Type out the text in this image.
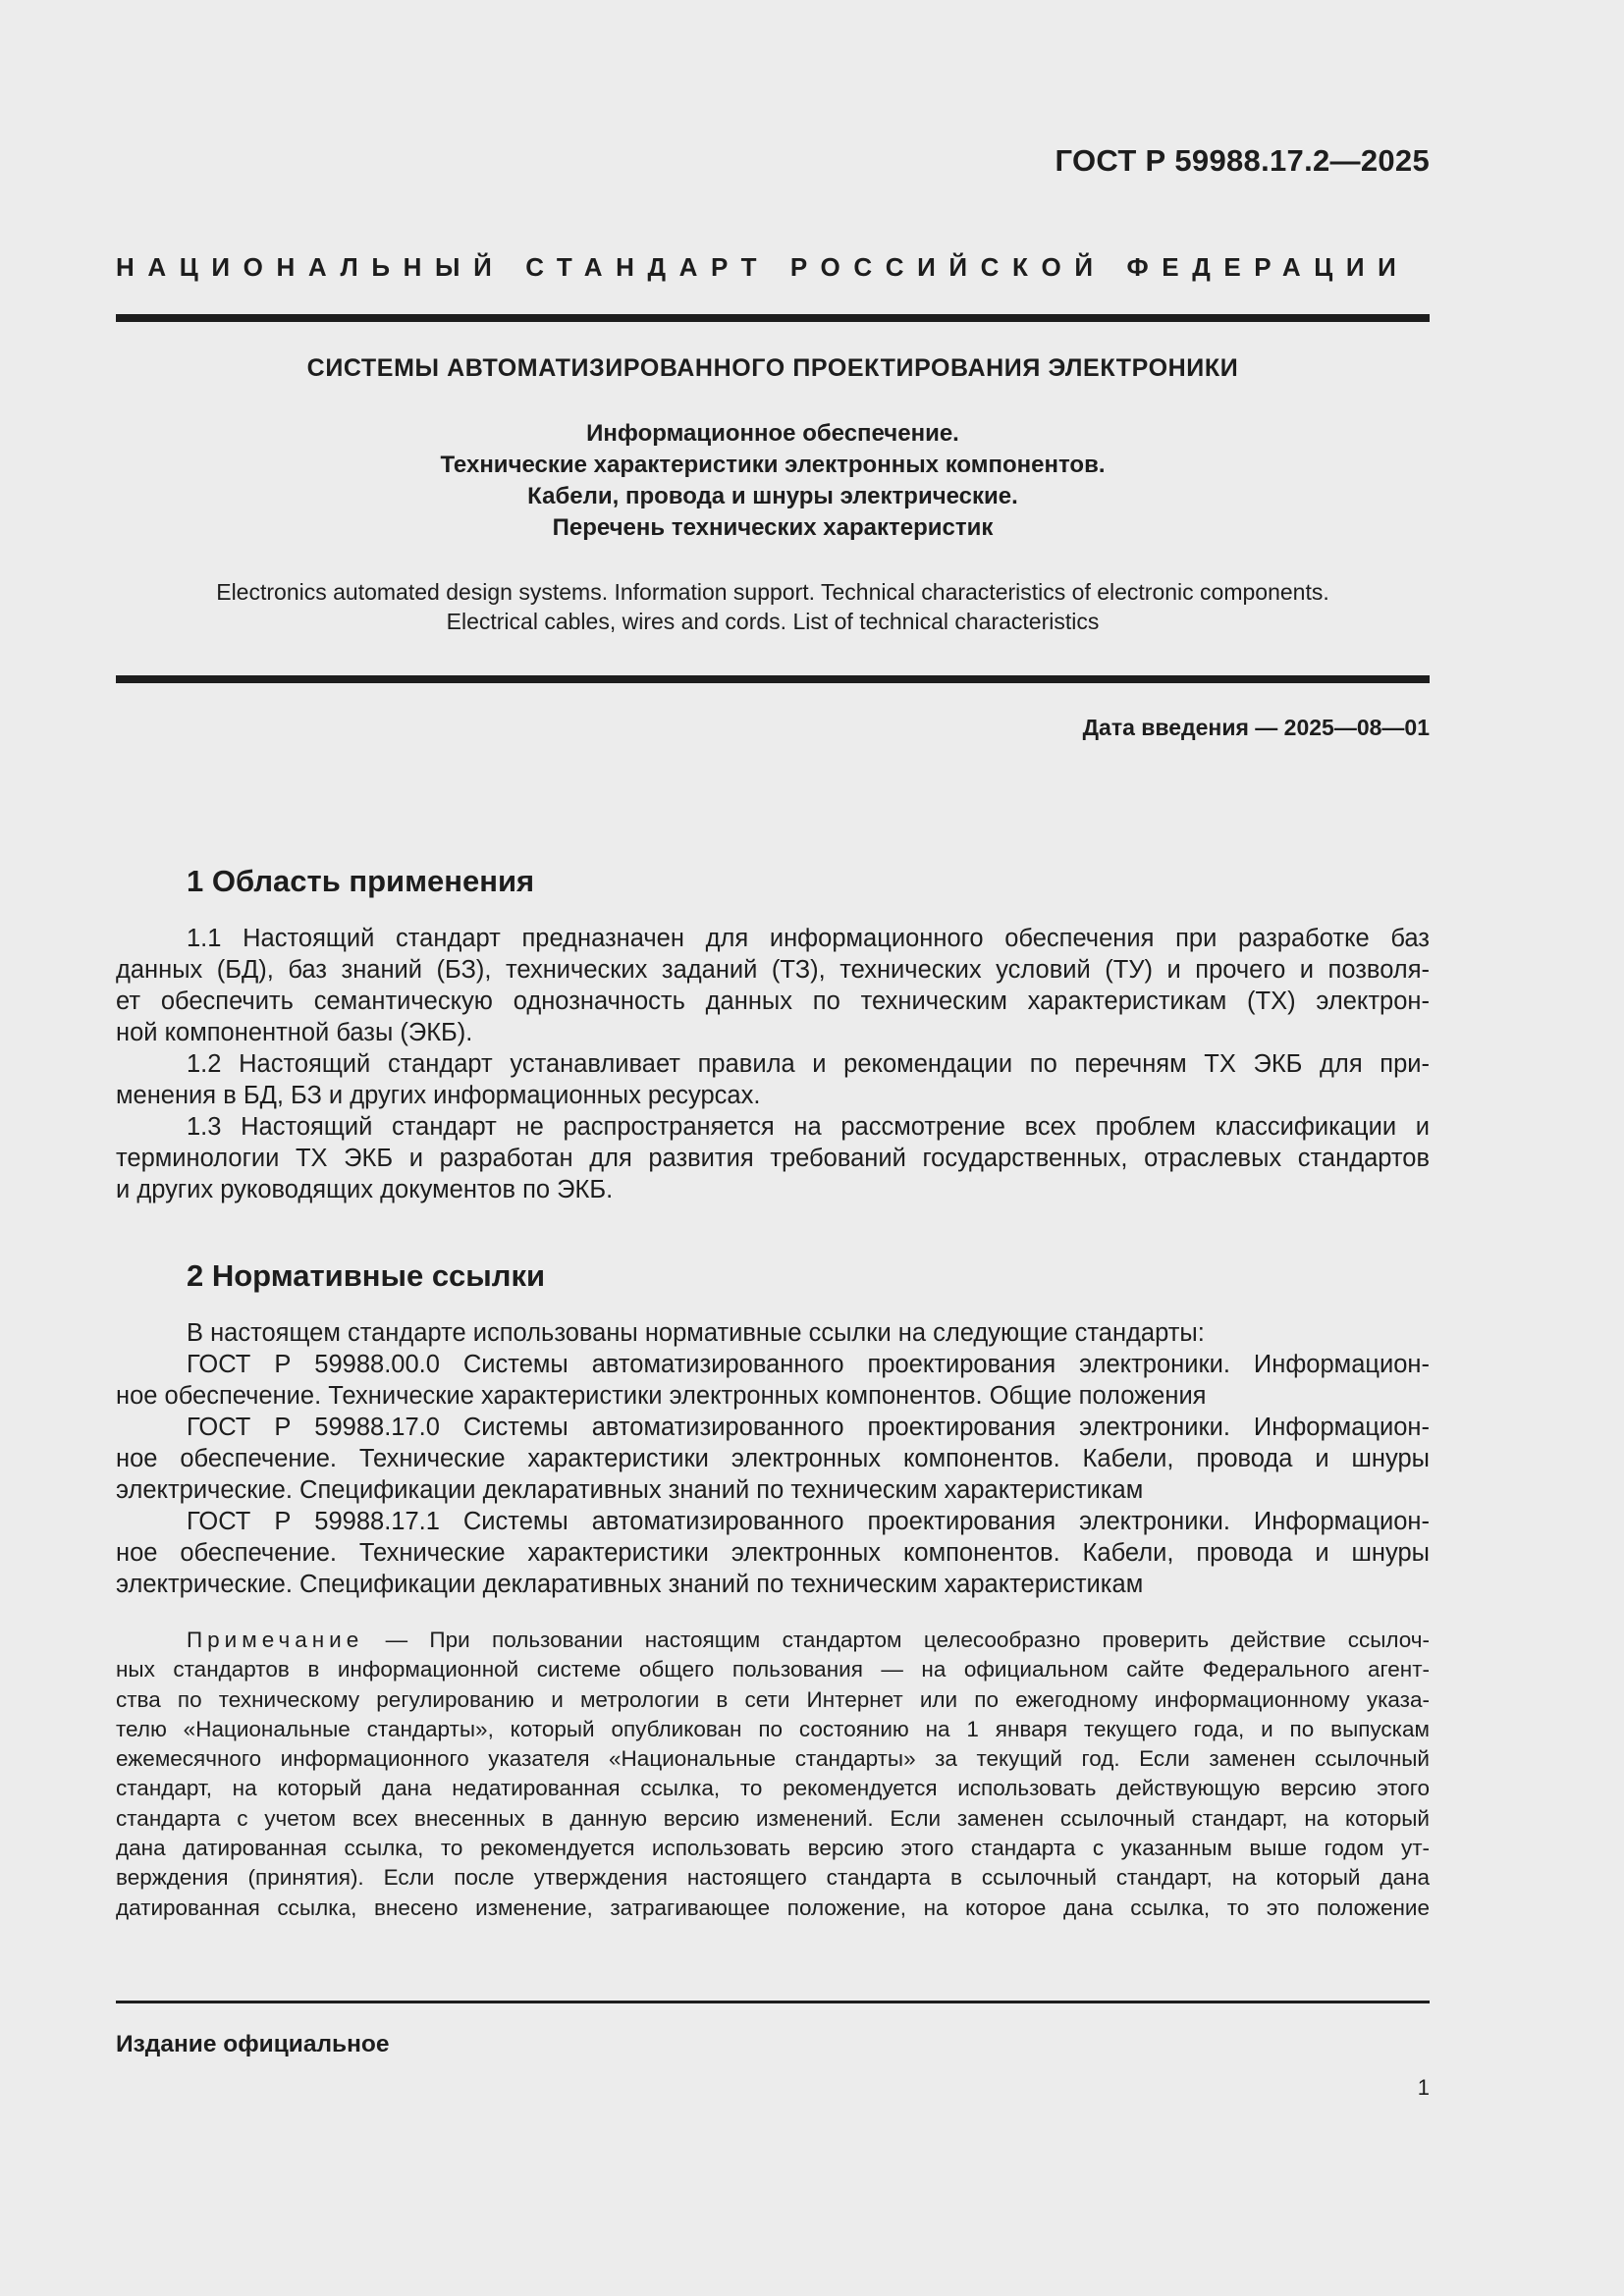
ГОСТ Р 59988.17.2—2025
НАЦИОНАЛЬНЫЙ СТАНДАРТ РОССИЙСКОЙ ФЕДЕРАЦИИ
СИСТЕМЫ АВТОМАТИЗИРОВАННОГО ПРОЕКТИРОВАНИЯ ЭЛЕКТРОНИКИ
Информационное обеспечение.
Технические характеристики электронных компонентов.
Кабели, провода и шнуры электрические.
Перечень технических характеристик
Electronics automated design systems. Information support. Technical characteristics of electronic components.
Electrical cables, wires and cords. List of technical characteristics
Дата введения — 2025—08—01
1 Область применения
1.1 Настоящий стандарт предназначен для информационного обеспечения при разработке баз
данных (БД), баз знаний (БЗ), технических заданий (ТЗ), технических условий (ТУ) и прочего и позволя-
ет обеспечить семантическую однозначность данных по техническим характеристикам (ТХ) электрон-
ной компонентной базы (ЭКБ).
1.2 Настоящий стандарт устанавливает правила и рекомендации по перечням ТХ ЭКБ для при-
менения в БД, БЗ и других информационных ресурсах.
1.3 Настоящий стандарт не распространяется на рассмотрение всех проблем классификации и
терминологии ТХ ЭКБ и разработан для развития требований государственных, отраслевых стандартов
и других руководящих документов по ЭКБ.
2 Нормативные ссылки
В настоящем стандарте использованы нормативные ссылки на следующие стандарты:
ГОСТ Р 59988.00.0 Системы автоматизированного проектирования электроники. Информацион-
ное обеспечение. Технические характеристики электронных компонентов. Общие положения
ГОСТ Р 59988.17.0 Системы автоматизированного проектирования электроники. Информацион-
ное обеспечение. Технические характеристики электронных компонентов. Кабели, провода и шнуры
электрические. Спецификации декларативных знаний по техническим характеристикам
ГОСТ Р 59988.17.1 Системы автоматизированного проектирования электроники. Информацион-
ное обеспечение. Технические характеристики электронных компонентов. Кабели, провода и шнуры
электрические. Спецификации декларативных знаний по техническим характеристикам
Примечание — При пользовании настоящим стандартом целесообразно проверить действие ссылоч-
ных стандартов в информационной системе общего пользования — на официальном сайте Федерального агент-
ства по техническому регулированию и метрологии в сети Интернет или по ежегодному информационному указа-
телю «Национальные стандарты», который опубликован по состоянию на 1 января текущего года, и по выпускам
ежемесячного информационного указателя «Национальные стандарты» за текущий год. Если заменен ссылочный
стандарт, на который дана недатированная ссылка, то рекомендуется использовать действующую версию этого
стандарта с учетом всех внесенных в данную версию изменений. Если заменен ссылочный стандарт, на который
дана датированная ссылка, то рекомендуется использовать версию этого стандарта с указанным выше годом ут-
верждения (принятия). Если после утверждения настоящего стандарта в ссылочный стандарт, на который дана
датированная ссылка, внесено изменение, затрагивающее положение, на которое дана ссылка, то это положение
Издание официальное
1
